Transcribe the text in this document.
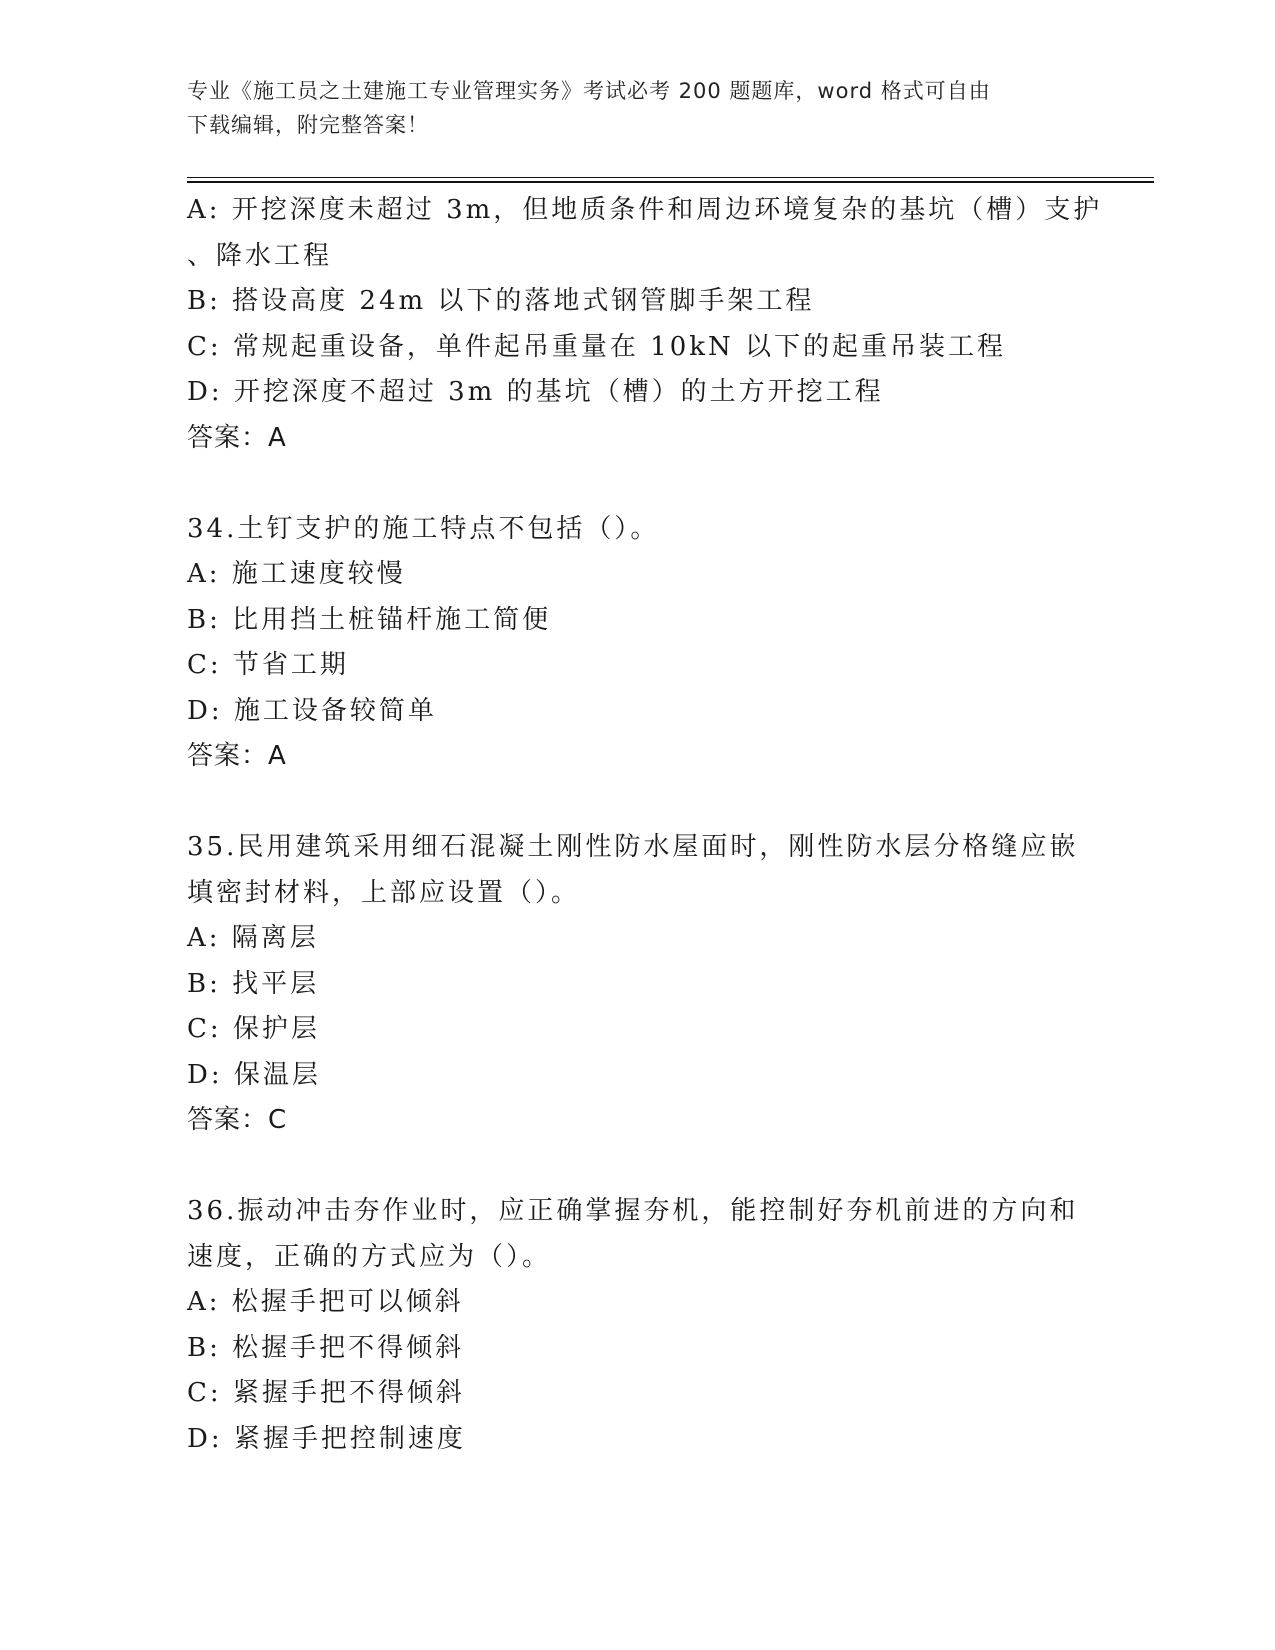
专业《施工员之土建施工专业管理实务》考试必考 200 题题库，word 格式可自由
下载编辑，附完整答案！
A: 开挖深度未超过 3m，但地质条件和周边环境复杂的基坑（槽）支护
、降水工程
B: 搭设高度 24m 以下的落地式钢管脚手架工程
C: 常规起重设备，单件起吊重量在 10kN 以下的起重吊装工程
D: 开挖深度不超过 3m 的基坑（槽）的土方开挖工程
答案：A
34.土钉支护的施工特点不包括（）。
A: 施工速度较慢
B: 比用挡土桩锚杆施工简便
C: 节省工期
D: 施工设备较简单
答案：A
35.民用建筑采用细石混凝土刚性防水屋面时，刚性防水层分格缝应嵌
填密封材料，上部应设置（）。
A: 隔离层
B: 找平层
C: 保护层
D: 保温层
答案：C
36.振动冲击夯作业时，应正确掌握夯机，能控制好夯机前进的方向和
速度，正确的方式应为（）。
A: 松握手把可以倾斜
B: 松握手把不得倾斜
C: 紧握手把不得倾斜
D: 紧握手把控制速度
